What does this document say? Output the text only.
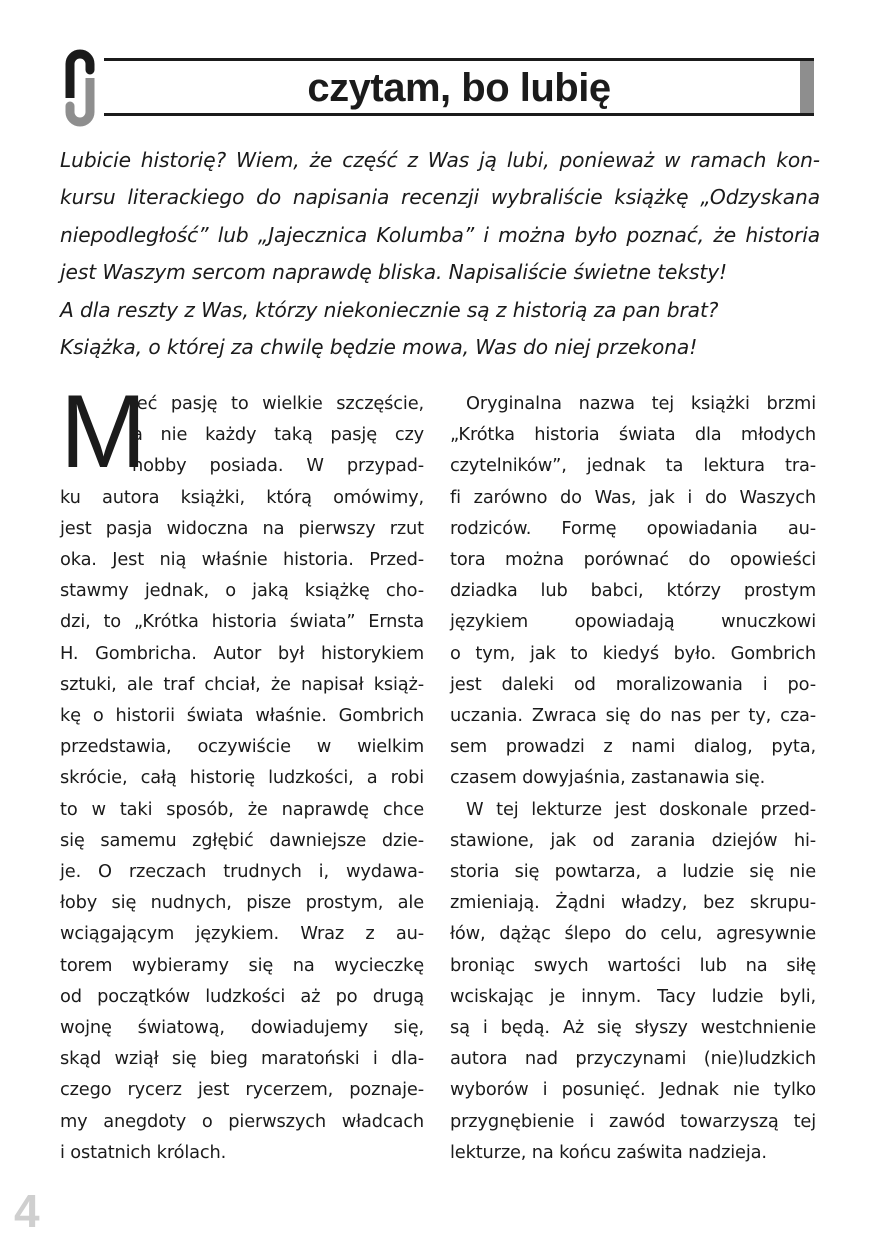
czytam, bo lubię
Lubicie historię? Wiem, że część z Was ją lubi, ponieważ w ramach kon-
kursu literackiego do napisania recenzji wybraliście książkę „Odzyskana
niepodległość” lub „Jajecznica Kolumba” i można było poznać, że historia
jest Waszym sercom naprawdę bliska. Napisaliście świetne teksty!
A dla reszty z Was, którzy niekoniecznie są z historią za pan brat?
Książka, o której za chwilę będzie mowa, Was do niej przekona!
M
ieć pasję to wielkie szczęście,
a nie każdy taką pasję czy
hobby posiada. W przypad-
ku autora książki, którą omówimy,
jest pasja widoczna na pierwszy rzut
oka. Jest nią właśnie historia. Przed-
stawmy jednak, o jaką książkę cho-
dzi, to „Krótka historia świata” Ernsta
H. Gombricha. Autor był historykiem
sztuki, ale traf chciał, że napisał książ-
kę o historii świata właśnie. Gombrich
przedstawia, oczywiście w wielkim
skrócie, całą historię ludzkości, a robi
to w taki sposób, że naprawdę chce
się samemu zgłębić dawniejsze dzie-
je. O rzeczach trudnych i, wydawa-
łoby się nudnych, pisze prostym, ale
wciągającym językiem. Wraz z au-
torem wybieramy się na wycieczkę
od początków ludzkości aż po drugą
wojnę światową, dowiadujemy się,
skąd wziął się bieg maratoński i dla-
czego rycerz jest rycerzem, poznaje-
my anegdoty o pierwszych władcach
i ostatnich królach.
Oryginalna nazwa tej książki brzmi
„Krótka historia świata dla młodych
czytelników”, jednak ta lektura tra-
fi zarówno do Was, jak i do Waszych
rodziców. Formę opowiadania au-
tora można porównać do opowieści
dziadka lub babci, którzy prostym
językiem opowiadają wnuczkowi
o tym, jak to kiedyś było. Gombrich
jest daleki od moralizowania i po-
uczania. Zwraca się do nas per ty, cza-
sem prowadzi z nami dialog, pyta,
czasem dowyjaśnia, zastanawia się.
W tej lekturze jest doskonale przed-
stawione, jak od zarania dziejów hi-
storia się powtarza, a ludzie się nie
zmieniają. Żądni władzy, bez skrupu-
łów, dążąc ślepo do celu, agresywnie
broniąc swych wartości lub na siłę
wciskając je innym. Tacy ludzie byli,
są i będą. Aż się słyszy westchnienie
autora nad przyczynami (nie)ludzkich
wyborów i posunięć. Jednak nie tylko
przygnębienie i zawód towarzyszą tej
lekturze, na końcu zaświta nadzieja.
4
